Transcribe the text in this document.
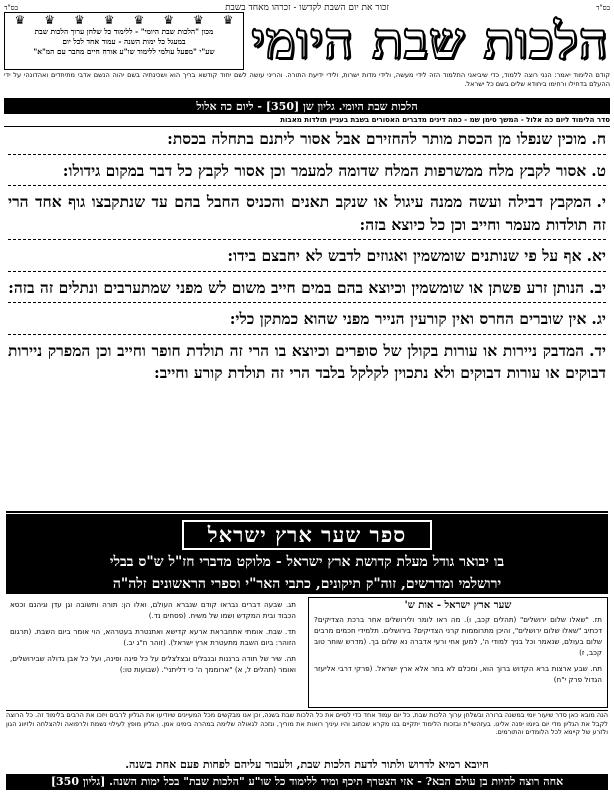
בס"ד
זכור את יום השבת לקדשו - זכרהו מאחד בשבת
בס"ד
הלכות שבת היומי
♛
♛
♛
♛
♛
♛
♛
♛
מכון "הלכות שבת היומי" - ללימוד כל שלחן ערוך הלכות שבת
במעגל כל ימות השנה - עמוד אחד לכל יום
שע"י "מפעל עולמי ללימוד שו"ע אורח חיים מחבר עם המ"א"
קודם הלימוד יאמר: הנני רוצה ללמוד, כדי שיביאני התלמוד הזה לידי מעשה, ולידי מדות ישרות, ולידי ידיעת התורה. והריני עושה לשם יחוד קודשא בריך הוא ושכינתיה בשם יהוה הנשם אדבי מתיחדים ואהדונהי על ידי ההעלם בדחילו ורחימו ביחודא שלים בשם כל ישראל.
הלכות שבת היומי. גליון שן [350] - ליום כה אלול
סדר הלימוד ליום כה אלול - המשך סימן שמ - כמה דינים מדברים האסורים בשבת בעניין תולדות מאבות

ח.מוכין שנפלו מן הכסת מותר להחזירם אבל אסור ליתנם בתחלה בכסת:

ט.אסור לקבץ מלח ממשרפות המלח שדומה למעמר וכן אסור לקבץ כל דבר במקום גידולו:

י.המקבץ דבילה ועשה ממנה עיגול או שנקב תאנים והכניס החבל בהם עד שנתקבצו גוף אחד הרי זה תולדות מעמר וחייב וכן כל כיוצא בזה:

יא.אף על פי שנותנים שומשמין ואגוזים לדבש לא יחבצם בידו:

יב.הנותן זרע פשתן או שומשמין וכיוצא בהם במים חייב משום לש מפני שמתערבים ונתלים זה בזה:

יג.אין שוברים החרס ואין קורעין הנייר מפני שהוא כמתקן כלי:

יד.המדבק ניירות או עורות בקולן של סופרים וכיוצא בו הרי זה תולדת חופר וחייב וכן המפרק ניירות דבוקים או עורות דבוקים ולא נתכוין לקלקל בלבד הרי זה תולדת קורע וחייב:

ספר שער ארץ ישראל
בו יבואר גודל מעלת קדושת ארץ ישראל - מלוקט מדברי חז"ל ש"ס בבלי
ירושלמי ומדרשים, זוה"ק תיקונים, כתבי האר"י וספרי הראשונים זלה"ה
שער ארץ ישראל - אות ש'

תז. "שאלו שלום ירושלים" (תהלים קכב, ו). מה ראו לומר ולירושלים אחר ברכת הצדיקים? דכתיב "שאלו שלום ירושלים", והיכן מתרוממות קרני הצדיקים? בירושלים. תלמידי חכמים מרבים שלום בעולם, שנאמר וכל בניך למודי ה', למען אחי ורעי אדברה נא שלום בך. (מדרש שוחר טוב קכב, ז)

תח. שבע ארצות ברא הקדוש ברוך הוא, ומכלם לא בחר אלא ארץ ישראל. (פרקי דרבי אליעזר הגדול פרק י"ח)

תג. שבעה דברים נבראו קודם שנברא העולם, ואלו הן: תורה ותשובה וגן עדן וגיהנם וכסא הכבוד ובית המקדש ושמו של משיח. (פסחים נד.)

תד. שבת. אומתי אתחבראת ארעא קדישא ואתנטרת בעטרהא, הוי אומר ביום השבת. (תרגום הזוהר: ביום השבת מתעטרת ארץ ישראל). (זוהר ח"ג יב.)

תה. שיר של תודה ברננות ובנבלים ובצלצלים על כל פינה ופינה, ועל כל אבן גדולה שבירושלים, ואומר (תהלים ל, א) "ארוממך ה' כי דליתני". (שבועות טו:)

הנה מובא כאן סדר שיעור יומי במשנה ברורה ובשלחן ערוך הלכות שבת, כל יום עמוד אחד כדי לסיים את כל הלכות שבת בשנה, וכן אנו מבקשים מכל המעיינים שיודיעו את הגליון לרבים ויזכו את הרבים בלימוד זה. כל הרוצה לקבל את הגליון מדי יום ביומו יפנה אלינו. בעזהשי"ת ובזכות הלימוד יתקיים בנו מקרא שכתוב והיו עיניך רואות את מוריך, ונזכה לגאולה שלימה במהרה בימינו אמן. הגליון מופץ לעילוי נשמת ולרפואה ולהצלחה ולזיווג הגון ולזרע של קיימא לכל הלומדים והתורמים.
חיובא רמיא לדרוש ולתור לדעת הלכות שבת, ולעבור עליהם לפחות פעם אחת בשנה.
אחה רוצה להיות בן עולם הבא? - אזי הצטרף תיכף ומיד ללימוד כל שו"ע "הלכות שבת" בכל ימות השנה. [גליון 350]
